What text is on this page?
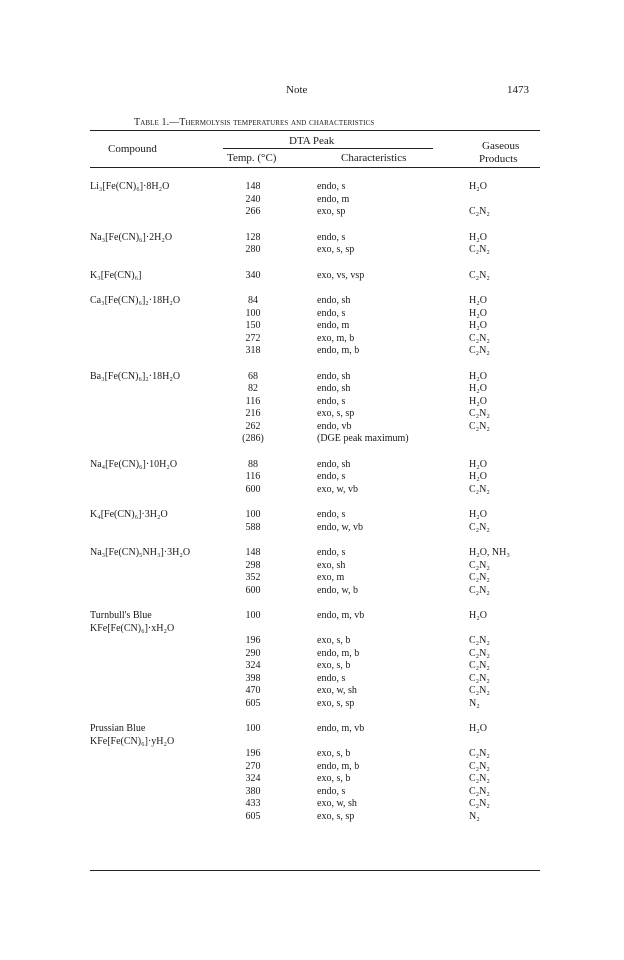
Note	1473
Table 1.—Thermolysis temperatures and characteristics
Compound
DTA Peak
Temp. (°C)	Characteristics
Gaseous
Products
Li₃[Fe(CN)₆]·8H₂O	148	endo, s	H₂O
240	endo, m
266	exo, sp	C₂N₂
Na₃[Fe(CN)₆]·2H₂O	128	endo, s	H₂O
280	exo, s, sp	C₂N₂
K₃[Fe(CN)₆]	340	exo, vs, vsp	C₂N₂
Ca₃[Fe(CN)₆]₂·18H₂O	84	endo, sh	H₂O
100	endo, s	H₂O
150	endo, m	H₂O
272	exo, m, b	C₂N₂
318	endo, m, b	C₂N₂
Ba₃[Fe(CN)₆]₂·18H₂O	68	endo, sh	H₂O
82	endo, sh	H₂O
116	endo, s	H₂O
216	exo, s, sp	C₂N₂
262	endo, vb	C₂N₂
(286)	(DGE peak maximum)
Na₄[Fe(CN)₆]·10H₂O	88	endo, sh	H₂O
116	endo, s	H₂O
600	exo, w, vb	C₂N₂
K₄[Fe(CN)₆]·3H₂O	100	endo, s	H₂O
588	endo, w, vb	C₂N₂
Na₃[Fe(CN)₅NH₃]·3H₂O	148	endo, s	H₂O, NH₃
298	exo, sh	C₂N₂
352	exo, m	C₂N₂
600	endo, w, b	C₂N₂
Turnbull's Blue	100	endo, m, vb	H₂O
KFe[Fe(CN)₆]·xH₂O
196	exo, s, b	C₂N₂
290	endo, m, b	C₂N₂
324	exo, s, b	C₂N₂
398	endo, s	C₂N₂
470	exo, w, sh	C₂N₂
605	exo, s, sp	N₂
Prussian Blue	100	endo, m, vb	H₂O
KFe[Fe(CN)₆]·yH₂O
196	exo, s, b	C₂N₂
270	endo, m, b	C₂N₂
324	exo, s, b	C₂N₂
380	endo, s	C₂N₂
433	exo, w, sh	C₂N₂
605	exo, s, sp	N₂
